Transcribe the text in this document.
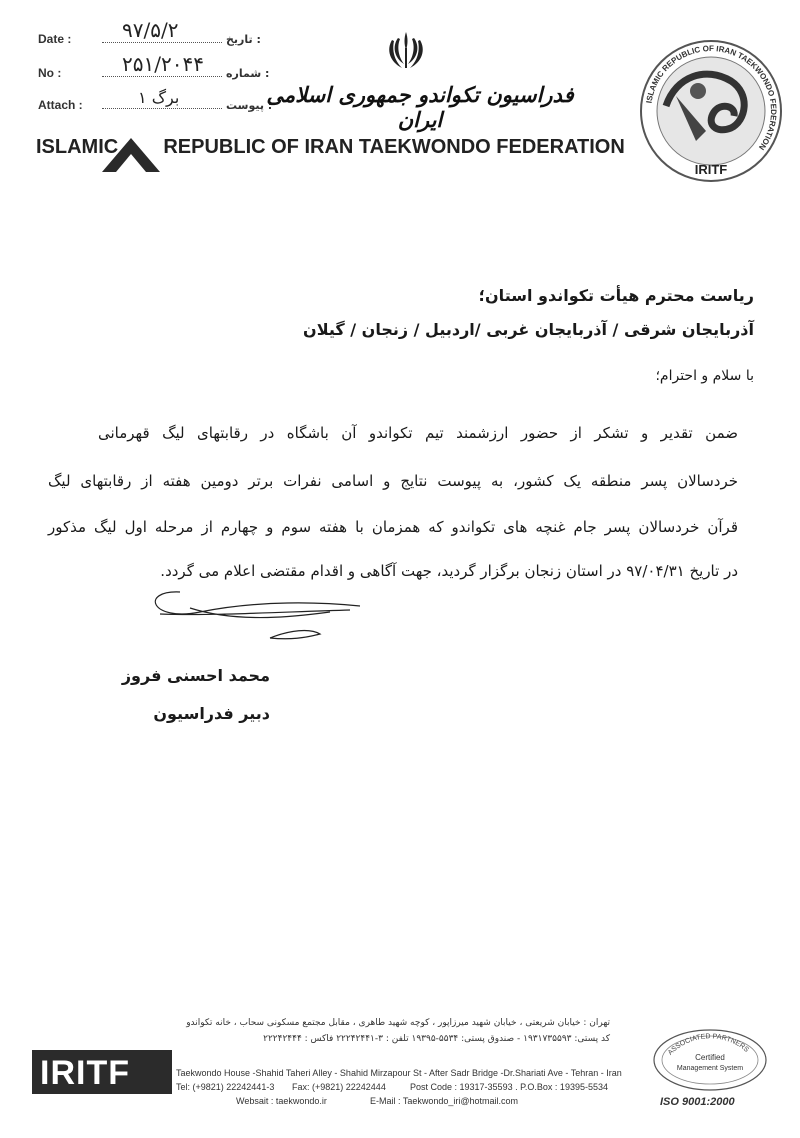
Date :	۹۷/۵/۲	: تاریخ
No :	۲۵۱/۲۰۴۴ : شماره
Attach :	۱ برگ	: پیوست
فدراسیون تکواندو جمهوری اسلامی ایران
ISLAMIC REPUBLIC OF IRAN TAEKWONDO FEDERATION
ISLAMIC REPUBLIC OF IRAN TAEKWONDO FEDERATION
IRITF
ریاست محترم هیأت تکواندو استان؛
آذربایجان شرقی / آذربایجان غربی /اردبیل / زنجان / گیلان
با سلام و احترام؛
ضمن تقدیر و تشکر از حضور ارزشمند تیم تکواندو آن باشگاه در رقابتهای لیگ قهرمانی
خردسالان پسر منطقه یک کشور، به پیوست نتایج و اسامی نفرات برتر دومین هفته از رقابتهای لیگ
قرآن خردسالان پسر جام غنچه های تکواندو که همزمان با هفته سوم و چهارم از مرحله اول لیگ مذکور
در تاریخ ۹۷/۰۴/۳۱ در استان زنجان برگزار گردید، جهت آگاهی و اقدام مقتضی اعلام می گردد.
محمد احسنی فروز
دبیر فدراسیون
تهران : خیابان شریعتی ، خیابان شهید میرزاپور ، کوچه شهید طاهری ، مقابل مجتمع مسکونی سحاب ، خانه تکواندو
کد پستی: ۱۹۳۱۷۳۵۵۹۳ - صندوق پستی: ۵۵۳۴-۱۹۳۹۵ تلفن : ۳-۲۲۲۴۲۴۴۱ فاکس : ۲۲۲۴۲۴۴۴
IRITF	Taekwondo House -Shahid Taheri Alley - Shahid Mirzapour St - After Sadr Bridge -Dr.Shariati Ave - Tehran - Iran
Tel: (+9821) 22242441-3 Fax: (+9821) 22242444	Post Code : 19317-35593 . P.O.Box : 19395-5534
Websait : taekwondo.ir	E-Mail : Taekwondo_iri@hotmail.com
ASSOCIATED PARTNERS
Certified
Management System
ISO 9001:2000
